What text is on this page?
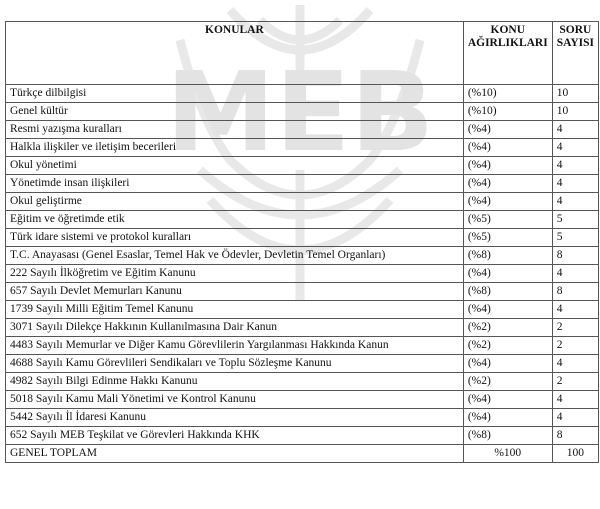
MEB
KONULAR	KONU AĞIRLIKLARI	SORU SAYISI
Türkçe dilbilgisi	(%10)	10
Genel kültür	(%10)	10
Resmi yazışma kuralları	(%4)	4
Halkla ilişkiler ve iletişim becerileri	(%4)	4
Okul yönetimi	(%4)	4
Yönetimde insan ilişkileri	(%4)	4
Okul geliştirme	(%4)	4
Eğitim ve öğretimde etik	(%5)	5
Türk idare sistemi ve protokol kuralları	(%5)	5
T.C. Anayasası (Genel Esaslar, Temel Hak ve Ödevler, Devletin Temel Organları)	(%8)	8
222 Sayılı İlköğretim ve Eğitim Kanunu	(%4)	4
657 Sayılı Devlet Memurları Kanunu	(%8)	8
1739 Sayılı Milli Eğitim Temel Kanunu	(%4)	4
3071 Sayılı Dilekçe Hakkının Kullanılmasına Dair Kanun	(%2)	2
4483 Sayılı Memurlar ve Diğer Kamu Görevlilerin Yargılanması Hakkında Kanun	(%2)	2
4688 Sayılı Kamu Görevlileri Sendikaları ve Toplu Sözleşme Kanunu	(%4)	4
4982 Sayılı Bilgi Edinme Hakkı Kanunu	(%2)	2
5018 Sayılı Kamu Mali Yönetimi ve Kontrol Kanunu	(%4)	4
5442 Sayılı İl İdaresi Kanunu	(%4)	4
652 Sayılı MEB Teşkilat ve Görevleri Hakkında KHK	(%8)	8
GENEL TOPLAM	%100	100
